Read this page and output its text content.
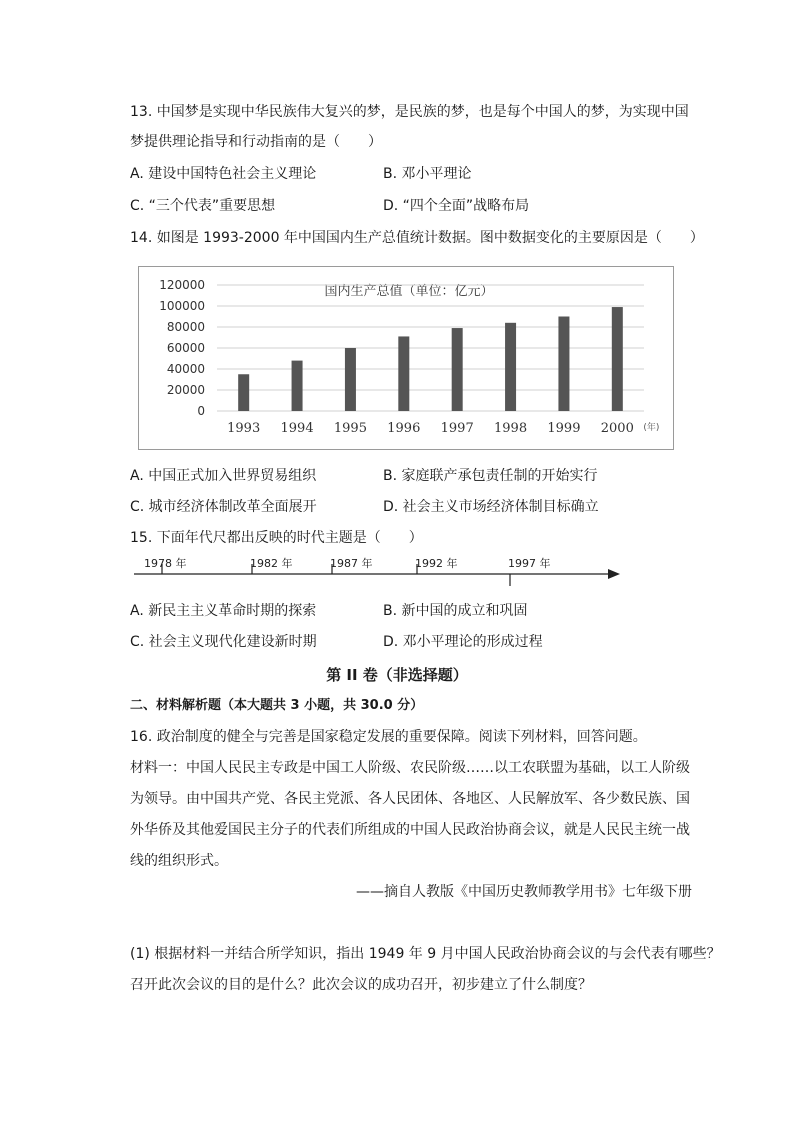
13. 中国梦是实现中华民族伟大复兴的梦，是民族的梦，也是每个中国人的梦，为实现中国
梦提供理论指导和行动指南的是（　　）
A. 建设中国特色社会主义理论	B. 邓小平理论
C. “三个代表”重要思想	D. “四个全面”战略布局
14. 如图是 1993-2000 年中国国内生产总值统计数据。图中数据变化的主要原因是（　　）
国内生产总值（单位：亿元）
0
20000
40000
60000
80000
100000
120000
1993 1994 1995 1996 1997 1998 1999 2000 (年)
A. 中国正式加入世界贸易组织	B. 家庭联产承包责任制的开始实行
C. 城市经济体制改革全面展开	D. 社会主义市场经济体制目标确立
15. 下面年代尺都出反映的时代主题是（　　）
1978 年	1982 年	1987 年	1992 年	1997 年
A. 新民主主义革命时期的探索	B. 新中国的成立和巩固
C. 社会主义现代化建设新时期	D. 邓小平理论的形成过程
第 II 卷（非选择题）
二、材料解析题（本大题共 3 小题，共 30.0 分）
16. 政治制度的健全与完善是国家稳定发展的重要保障。阅读下列材料，回答问题。
材料一：中国人民民主专政是中国工人阶级、农民阶级……以工农联盟为基础，以工人阶级
为领导。由中国共产党、各民主党派、各人民团体、各地区、人民解放军、各少数民族、国
外华侨及其他爱国民主分子的代表们所组成的中国人民政治协商会议，就是人民民主统一战
线的组织形式。
——摘自人教版《中国历史教师教学用书》七年级下册
(1) 根据材料一并结合所学知识，指出 1949 年 9 月中国人民政治协商会议的与会代表有哪些？
召开此次会议的目的是什么？此次会议的成功召开，初步建立了什么制度？
